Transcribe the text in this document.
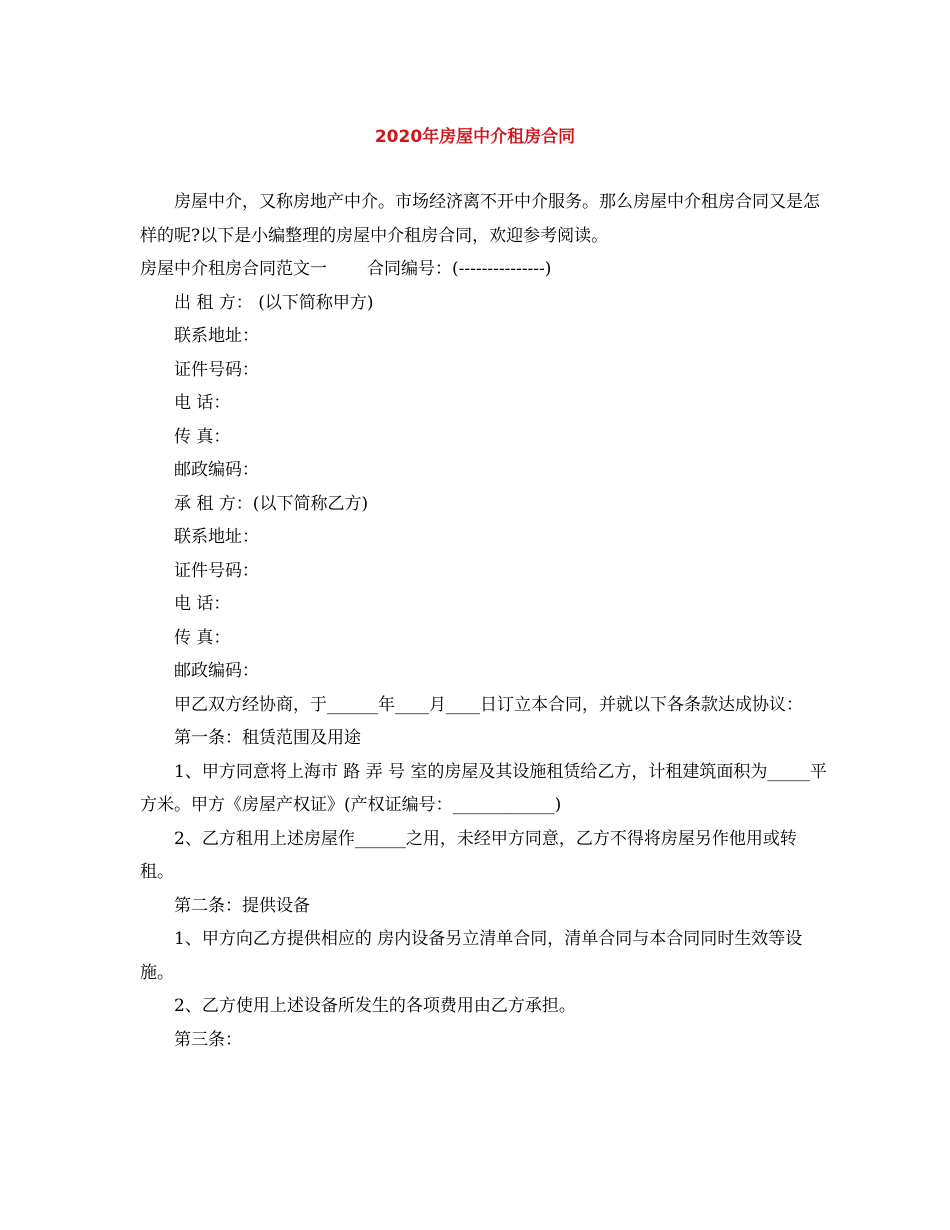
2020年房屋中介租房合同

房屋中介，又称房地产中介。市场经济离不开中介服务。那么房屋中介租房合同又是怎样的呢?以下是小编整理的房屋中介租房合同，欢迎参考阅读。

房屋中介租房合同范文一 合同编号：(---------------)

出 租 方： (以下简称甲方)

联系地址：

证件号码：

电 话：

传 真：

邮政编码：

承 租 方：(以下简称乙方)

联系地址：

证件号码：

电 话：

传 真：

邮政编码：

甲乙双方经协商，于______年____月____日订立本合同，并就以下各条款达成协议：

第一条：租赁范围及用途

1、甲方同意将上海市 路 弄 号 室的房屋及其设施租赁给乙方，计租建筑面积为_____平方米。甲方《房屋产权证》(产权证编号：____________)

2、乙方租用上述房屋作______之用，未经甲方同意，乙方不得将房屋另作他用或转租。

第二条：提供设备

1、甲方向乙方提供相应的 房内设备另立清单合同，清单合同与本合同同时生效等设施。

2、乙方使用上述设备所发生的各项费用由乙方承担。

第三条：
